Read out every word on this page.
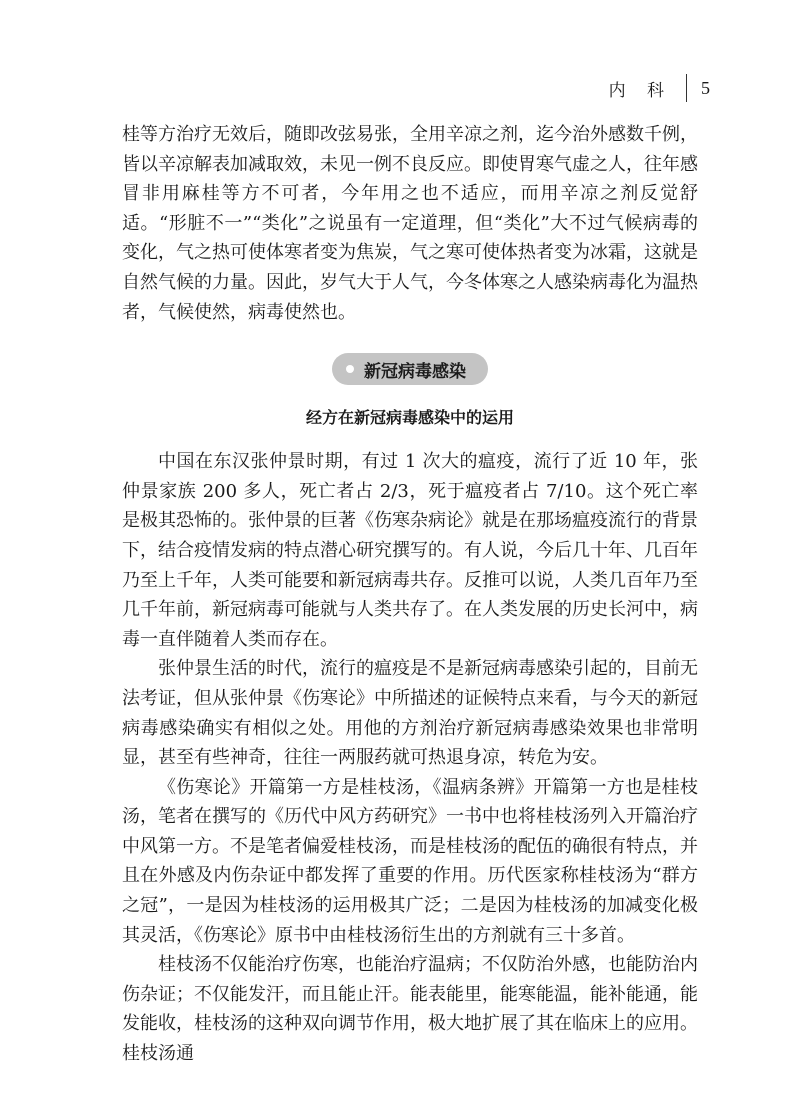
内 科 5

桂等方治疗无效后，随即改弦易张，全用辛凉之剂，迄今治外感数千例，皆以辛凉解表加减取效，未见一例不良反应。即使胃寒气虚之人，往年感冒非用麻桂等方不可者，今年用之也不适应，而用辛凉之剂反觉舒适。“形脏不一”“类化”之说虽有一定道理，但“类化”大不过气候病毒的变化，气之热可使体寒者变为焦炭，气之寒可使体热者变为冰霜，这就是自然气候的力量。因此，岁气大于人气，今冬体寒之人感染病毒化为温热者，气候使然，病毒使然也。

新冠病毒感染
经方在新冠病毒感染中的运用

中国在东汉张仲景时期，有过 1 次大的瘟疫，流行了近 10 年，张仲景家族 200 多人，死亡者占 2/3，死于瘟疫者占 7/10。这个死亡率是极其恐怖的。张仲景的巨著《伤寒杂病论》就是在那场瘟疫流行的背景下，结合疫情发病的特点潜心研究撰写的。有人说，今后几十年、几百年乃至上千年，人类可能要和新冠病毒共存。反推可以说，人类几百年乃至几千年前，新冠病毒可能就与人类共存了。在人类发展的历史长河中，病毒一直伴随着人类而存在。

张仲景生活的时代，流行的瘟疫是不是新冠病毒感染引起的，目前无法考证，但从张仲景《伤寒论》中所描述的证候特点来看，与今天的新冠病毒感染确实有相似之处。用他的方剂治疗新冠病毒感染效果也非常明显，甚至有些神奇，往往一两服药就可热退身凉，转危为安。

《伤寒论》开篇第一方是桂枝汤，《温病条辨》开篇第一方也是桂枝汤，笔者在撰写的《历代中风方药研究》一书中也将桂枝汤列入开篇治疗中风第一方。不是笔者偏爱桂枝汤，而是桂枝汤的配伍的确很有特点，并且在外感及内伤杂证中都发挥了重要的作用。历代医家称桂枝汤为“群方之冠”，一是因为桂枝汤的运用极其广泛；二是因为桂枝汤的加减变化极其灵活，《伤寒论》原书中由桂枝汤衍生出的方剂就有三十多首。

桂枝汤不仅能治疗伤寒，也能治疗温病；不仅防治外感，也能防治内伤杂证；不仅能发汗，而且能止汗。能表能里，能寒能温，能补能通，能发能收，桂枝汤的这种双向调节作用，极大地扩展了其在临床上的应用。桂枝汤通
